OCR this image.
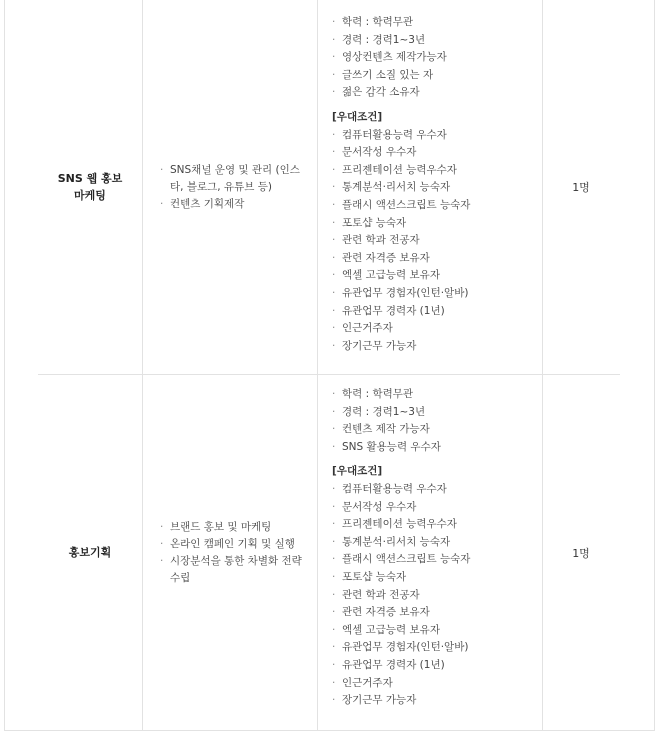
SNS 웹 홍보
마케팅
· SNS채널 운영 및 관리 (인스타, 블로그, 유튜브 등)
· 컨텐츠 기획제작
· 학력 : 학력무관
· 경력 : 경력1~3년
· 영상컨텐츠 제작가능자
· 글쓰기 소질 있는 자
· 젊은 감각 소유자
[우대조건]
· 컴퓨터활용능력 우수자
· 문서작성 우수자
· 프리젠테이션 능력우수자
· 통계분석·리서치 능숙자
· 플래시 액션스크립트 능숙자
· 포토샵 능숙자
· 관련 학과 전공자
· 관련 자격증 보유자
· 엑셀 고급능력 보유자
· 유관업무 경험자(인턴·알바)
· 유관업무 경력자 (1년)
· 인근거주자
· 장기근무 가능자
1명
홍보기획
· 브랜드 홍보 및 마케팅
· 온라인 캠페인 기획 및 실행
· 시장분석을 통한 차별화 전략 수립
· 학력 : 학력무관
· 경력 : 경력1~3년
· 컨텐츠 제작 가능자
· SNS 활용능력 우수자
[우대조건]
· 컴퓨터활용능력 우수자
· 문서작성 우수자
· 프리젠테이션 능력우수자
· 통계분석·리서치 능숙자
· 플래시 액션스크립트 능숙자
· 포토샵 능숙자
· 관련 학과 전공자
· 관련 자격증 보유자
· 엑셀 고급능력 보유자
· 유관업무 경험자(인턴·알바)
· 유관업무 경력자 (1년)
· 인근거주자
· 장기근무 가능자
1명
